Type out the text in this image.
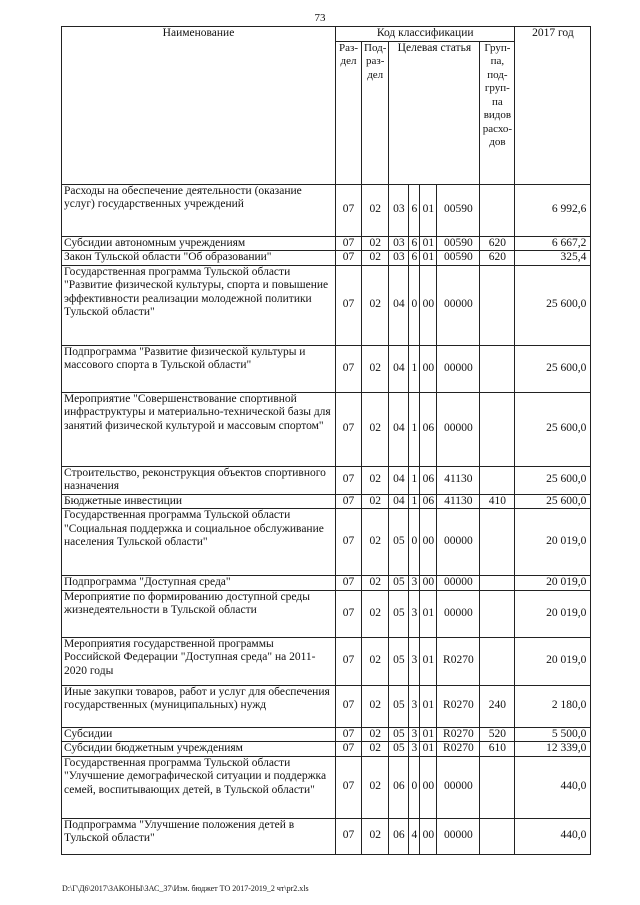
73
Наименование	Код классификации							2017 год
	Раз-дел	Под-раз-дел	Целевая статья				Груп-па, под-груп-па видов расхо-дов	
Расходы на обеспечение деятельности (оказание услуг) государственных учреждений	07	02	03	6	01	00590		6 992,6
Субсидии автономным учреждениям	07	02	03	6	01	00590	620	6 667,2
Закон Тульской области "Об образовании"	07	02	03	6	01	00590	620	325,4
Государственная программа Тульской области "Развитие физической культуры, спорта и повышение эффективности реализации молодежной политики Тульской области"	07	02	04	0	00	00000		25 600,0
Подпрограмма "Развитие физической культуры и массового спорта в Тульской области"	07	02	04	1	00	00000		25 600,0
Мероприятие "Совершенствование спортивной инфраструктуры и материально-технической базы для занятий физической культурой и массовым спортом"	07	02	04	1	06	00000		25 600,0
Строительство, реконструкция объектов спортивного назначения	07	02	04	1	06	41130		25 600,0
Бюджетные инвестиции	07	02	04	1	06	41130	410	25 600,0
Государственная программа Тульской области "Социальная поддержка и социальное обслуживание населения Тульской области"	07	02	05	0	00	00000		20 019,0
Подпрограмма "Доступная среда"	07	02	05	3	00	00000		20 019,0
Мероприятие по формированию доступной среды жизнедеятельности в Тульской области	07	02	05	3	01	00000		20 019,0
Мероприятия государственной программы Российской Федерации "Доступная среда" на 2011-2020 годы	07	02	05	3	01	R0270		20 019,0
Иные закупки товаров, работ и услуг для обеспечения государственных (муниципальных) нужд	07	02	05	3	01	R0270	240	2 180,0
Субсидии	07	02	05	3	01	R0270	520	5 500,0
Субсидии бюджетным учреждениям	07	02	05	3	01	R0270	610	12 339,0
Государственная программа Тульской области "Улучшение демографической ситуации и поддержка семей, воспитывающих детей, в Тульской области"	07	02	06	0	00	00000		440,0
Подпрограмма "Улучшение положения детей в Тульской области"	07	02	06	4	00	00000		440,0
D:\Г\Д6\2017\ЗАКОНЫ\ЗАС_37\Изм. бюджет ТО 2017-2019_2 чт\pr2.xls
